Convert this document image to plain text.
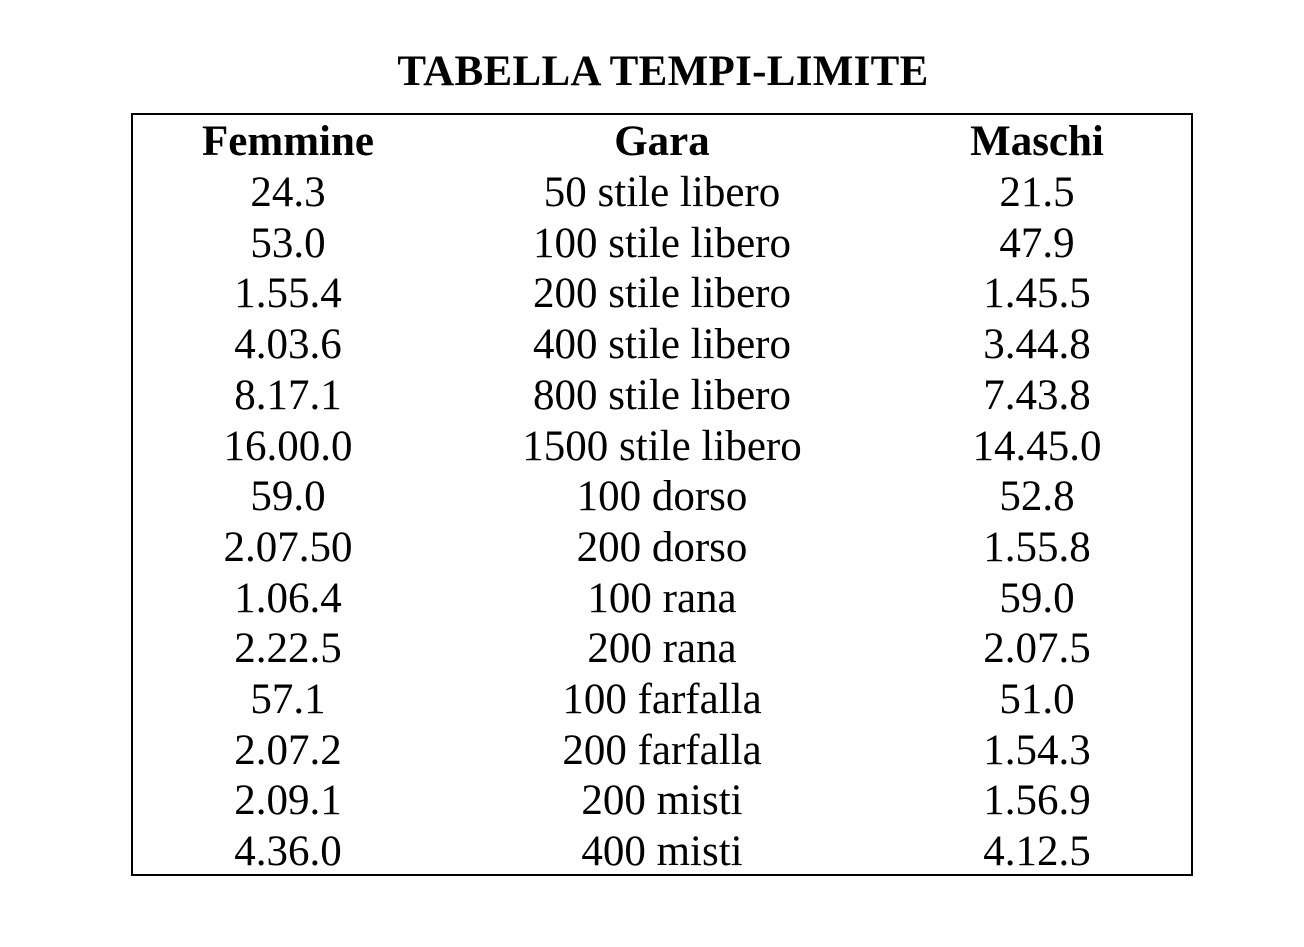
TABELLA TEMPI-LIMITE
Femmine	Gara	Maschi
24.3	50 stile libero	21.5
53.0	100 stile libero	47.9
1.55.4	200 stile libero	1.45.5
4.03.6	400 stile libero	3.44.8
8.17.1	800 stile libero	7.43.8
16.00.0	1500 stile libero	14.45.0
59.0	100 dorso	52.8
2.07.50	200 dorso	1.55.8
1.06.4	100 rana	59.0
2.22.5	200 rana	2.07.5
57.1	100 farfalla	51.0
2.07.2	200 farfalla	1.54.3
2.09.1	200 misti	1.56.9
4.36.0	400 misti	4.12.5
